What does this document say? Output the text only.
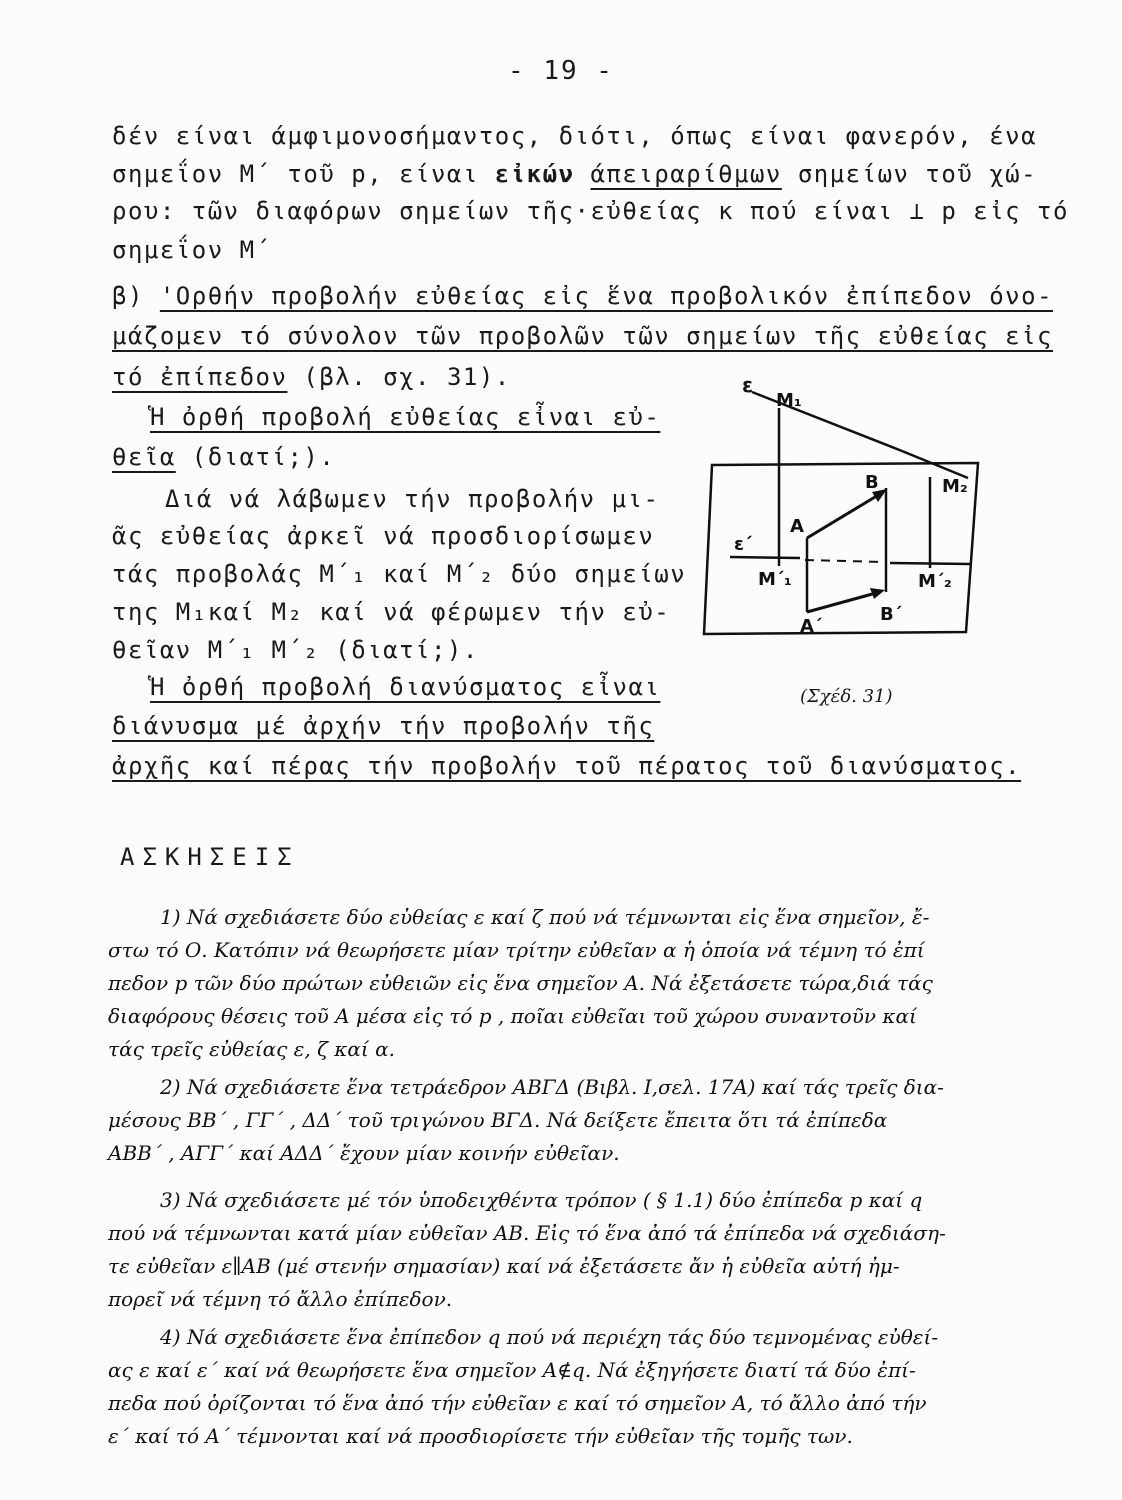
- 19 -
δέν είναι άμφιμονοσήμαντος, διότι, όπως είναι φανερόν, ένα
σημεΐον Μ΄ τοῦ p, είναι εἰκών άπειραρίθμων σημείων τοῦ χώ-
ρου: τῶν διαφόρων σημείων τῆς·εὐθείας κ πού είναι ⊥ p εἰς τό
σημεΐον Μ΄
β) 'Ορθήν προβολήν εὐθείας εἰς ἕνα προβολικόν ἐπίπεδον όνο-
μάζομεν τό σύνολον τῶν προβολῶν τῶν σημείων τῆς εὐθείας εἰς
τό ἐπίπεδον (βλ. σχ. 31).
Ἡ ὀρθή προβολή εὐθείας εἶναι εὐ-
θεῖα (διατί;).
Διά νά λάβωμεν τήν προβολήν μι-
ᾶς εὐθείας ἀρκεῖ νά προσδιορίσωμεν
τάς προβολάς Μ΄₁ καί Μ΄₂ δύο σημείων
της Μ₁καί Μ₂ καί νά φέρωμεν τήν εὐ-
θεῖαν Μ΄₁ Μ΄₂ (διατί;).
Ἡ ὀρθή προβολή διανύσματος εἶναι
διάνυσμα μέ ἀρχήν τήν προβολήν τῆς
ἀρχῆς καί πέρας τήν προβολήν τοῦ πέρατος τοῦ διανύσματος.
ε
M₁
M₂
B
A
ε΄
M΄₁	M΄₂
A΄
B΄
(Σχέδ. 31)
ΑΣΚΗΣΕΙΣ
1) Νά σχεδιάσετε δύο εὐθείας ε καί ζ πού νά τέμνωνται εἰς ἕνα σημεῖον, ἔ-
στω τό Ο. Κατόπιν νά θεωρήσετε μίαν τρίτην εὐθεῖαν α ἡ ὁποία νά τέμνη τό ἐπί
πεδον p τῶν δύο πρώτων εὐθειῶν εἰς ἕνα σημεῖον Α. Νά ἐξετάσετε τώρα,διά τάς
διαφόρους θέσεις τοῦ Α μέσα εἰς τό p , ποῖαι εὐθεῖαι τοῦ χώρου συναντοῦν καί
τάς τρεῖς εὐθείας ε, ζ καί α.
2) Νά σχεδιάσετε ἕνα τετράεδρον ΑΒΓΔ (Βιβλ. Ι,σελ. 17Α) καί τάς τρεῖς δια-
μέσους ΒΒ΄ , ΓΓ΄ , ΔΔ΄ τοῦ τριγώνου ΒΓΔ. Νά δείξετε ἔπειτα ὅτι τά ἐπίπεδα
ΑΒΒ΄ , ΑΓΓ΄ καί ΑΔΔ΄ ἔχουν μίαν κοινήν εὐθεῖαν.
3) Νά σχεδιάσετε μέ τόν ὑποδειχθέντα τρόπον ( § 1.1) δύο ἐπίπεδα p καί q
πού νά τέμνωνται κατά μίαν εὐθεῖαν ΑΒ. Εἰς τό ἕνα ἀπό τά ἐπίπεδα νά σχεδιάση-
τε εὐθεῖαν ε∥ΑΒ (μέ στενήν σημασίαν) καί νά ἐξετάσετε ἄν ἡ εὐθεῖα αὐτή ἠμ-
πορεῖ νά τέμνη τό ἄλλο ἐπίπεδον.
4) Νά σχεδιάσετε ἕνα ἐπίπεδον q πού νά περιέχη τάς δύο τεμνομένας εὐθεί-
ας ε καί ε΄ καί νά θεωρήσετε ἕνα σημεῖον Α∉q. Νά ἐξηγήσετε διατί τά δύο ἐπί-
πεδα πού ὁρίζονται τό ἕνα ἀπό τήν εὐθεῖαν ε καί τό σημεῖον Α, τό ἄλλο ἀπό τήν
ε΄ καί τό Α΄ τέμνονται καί νά προσδιορίσετε τήν εὐθεῖαν τῆς τομῆς των.
